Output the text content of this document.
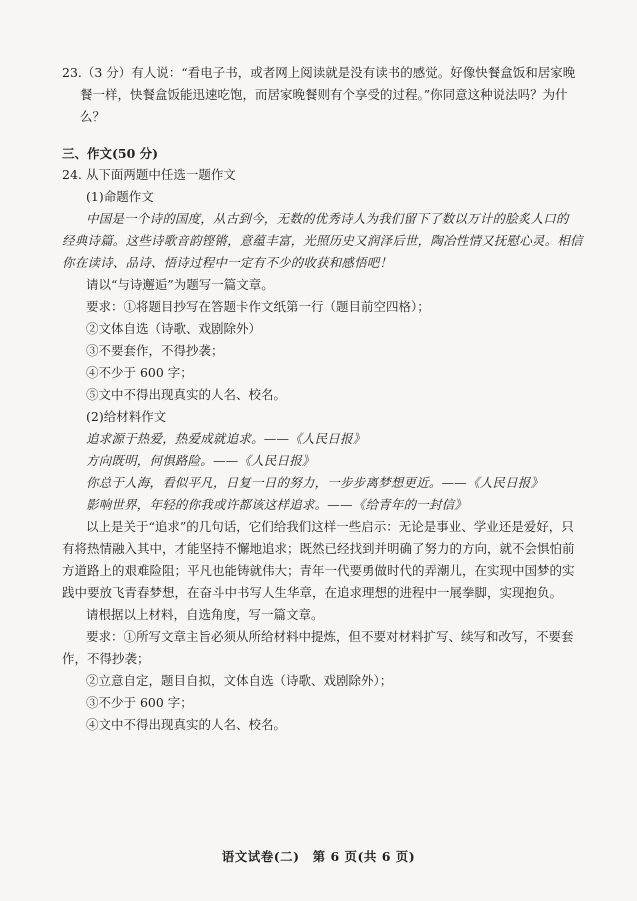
23.（3 分）有人说：“看电子书，或者网上阅读就是没有读书的感觉。好像快餐盒饭和居家晚
餐一样，快餐盒饭能迅速吃饱，而居家晚餐则有个享受的过程。”你同意这种说法吗？为什
么？
三、作文(50 分)
24. 从下面两题中任选一题作文
(1)命题作文
中国是一个诗的国度，从古到今，无数的优秀诗人为我们留下了数以万计的脍炙人口的
经典诗篇。这些诗歌音韵铿锵，意蕴丰富，光照历史又润泽后世，陶冶性情又抚慰心灵。相信
你在读诗、品诗、悟诗过程中一定有不少的收获和感悟吧！
请以“与诗邂逅”为题写一篇文章。
要求：①将题目抄写在答题卡作文纸第一行（题目前空四格）；
②文体自选（诗歌、戏剧除外）
③不要套作，不得抄袭；
④不少于 600 字；
⑤文中不得出现真实的人名、校名。
(2)给材料作文
追求源于热爱，热爱成就追求。——《人民日报》
方向既明，何惧路险。——《人民日报》
你总于人海，看似平凡，日复一日的努力，一步步离梦想更近。——《人民日报》
影响世界，年轻的你我或许都该这样追求。——《给青年的一封信》
以上是关于“追求”的几句话，它们给我们这样一些启示：无论是事业、学业还是爱好，只
有将热情融入其中，才能坚持不懈地追求；既然已经找到并明确了努力的方向，就不会惧怕前
方道路上的艰难险阻；平凡也能铸就伟大；青年一代要勇做时代的弄潮儿，在实现中国梦的实
践中要放飞青春梦想，在奋斗中书写人生华章，在追求理想的进程中一展拳脚，实现抱负。
请根据以上材料，自选角度，写一篇文章。
要求：①所写文章主旨必须从所给材料中提炼，但不要对材料扩写、续写和改写，不要套
作，不得抄袭；
②立意自定，题目自拟，文体自选（诗歌、戏剧除外）；
③不少于 600 字；
④文中不得出现真实的人名、校名。
语文试卷(二)　第 6 页(共 6 页)
